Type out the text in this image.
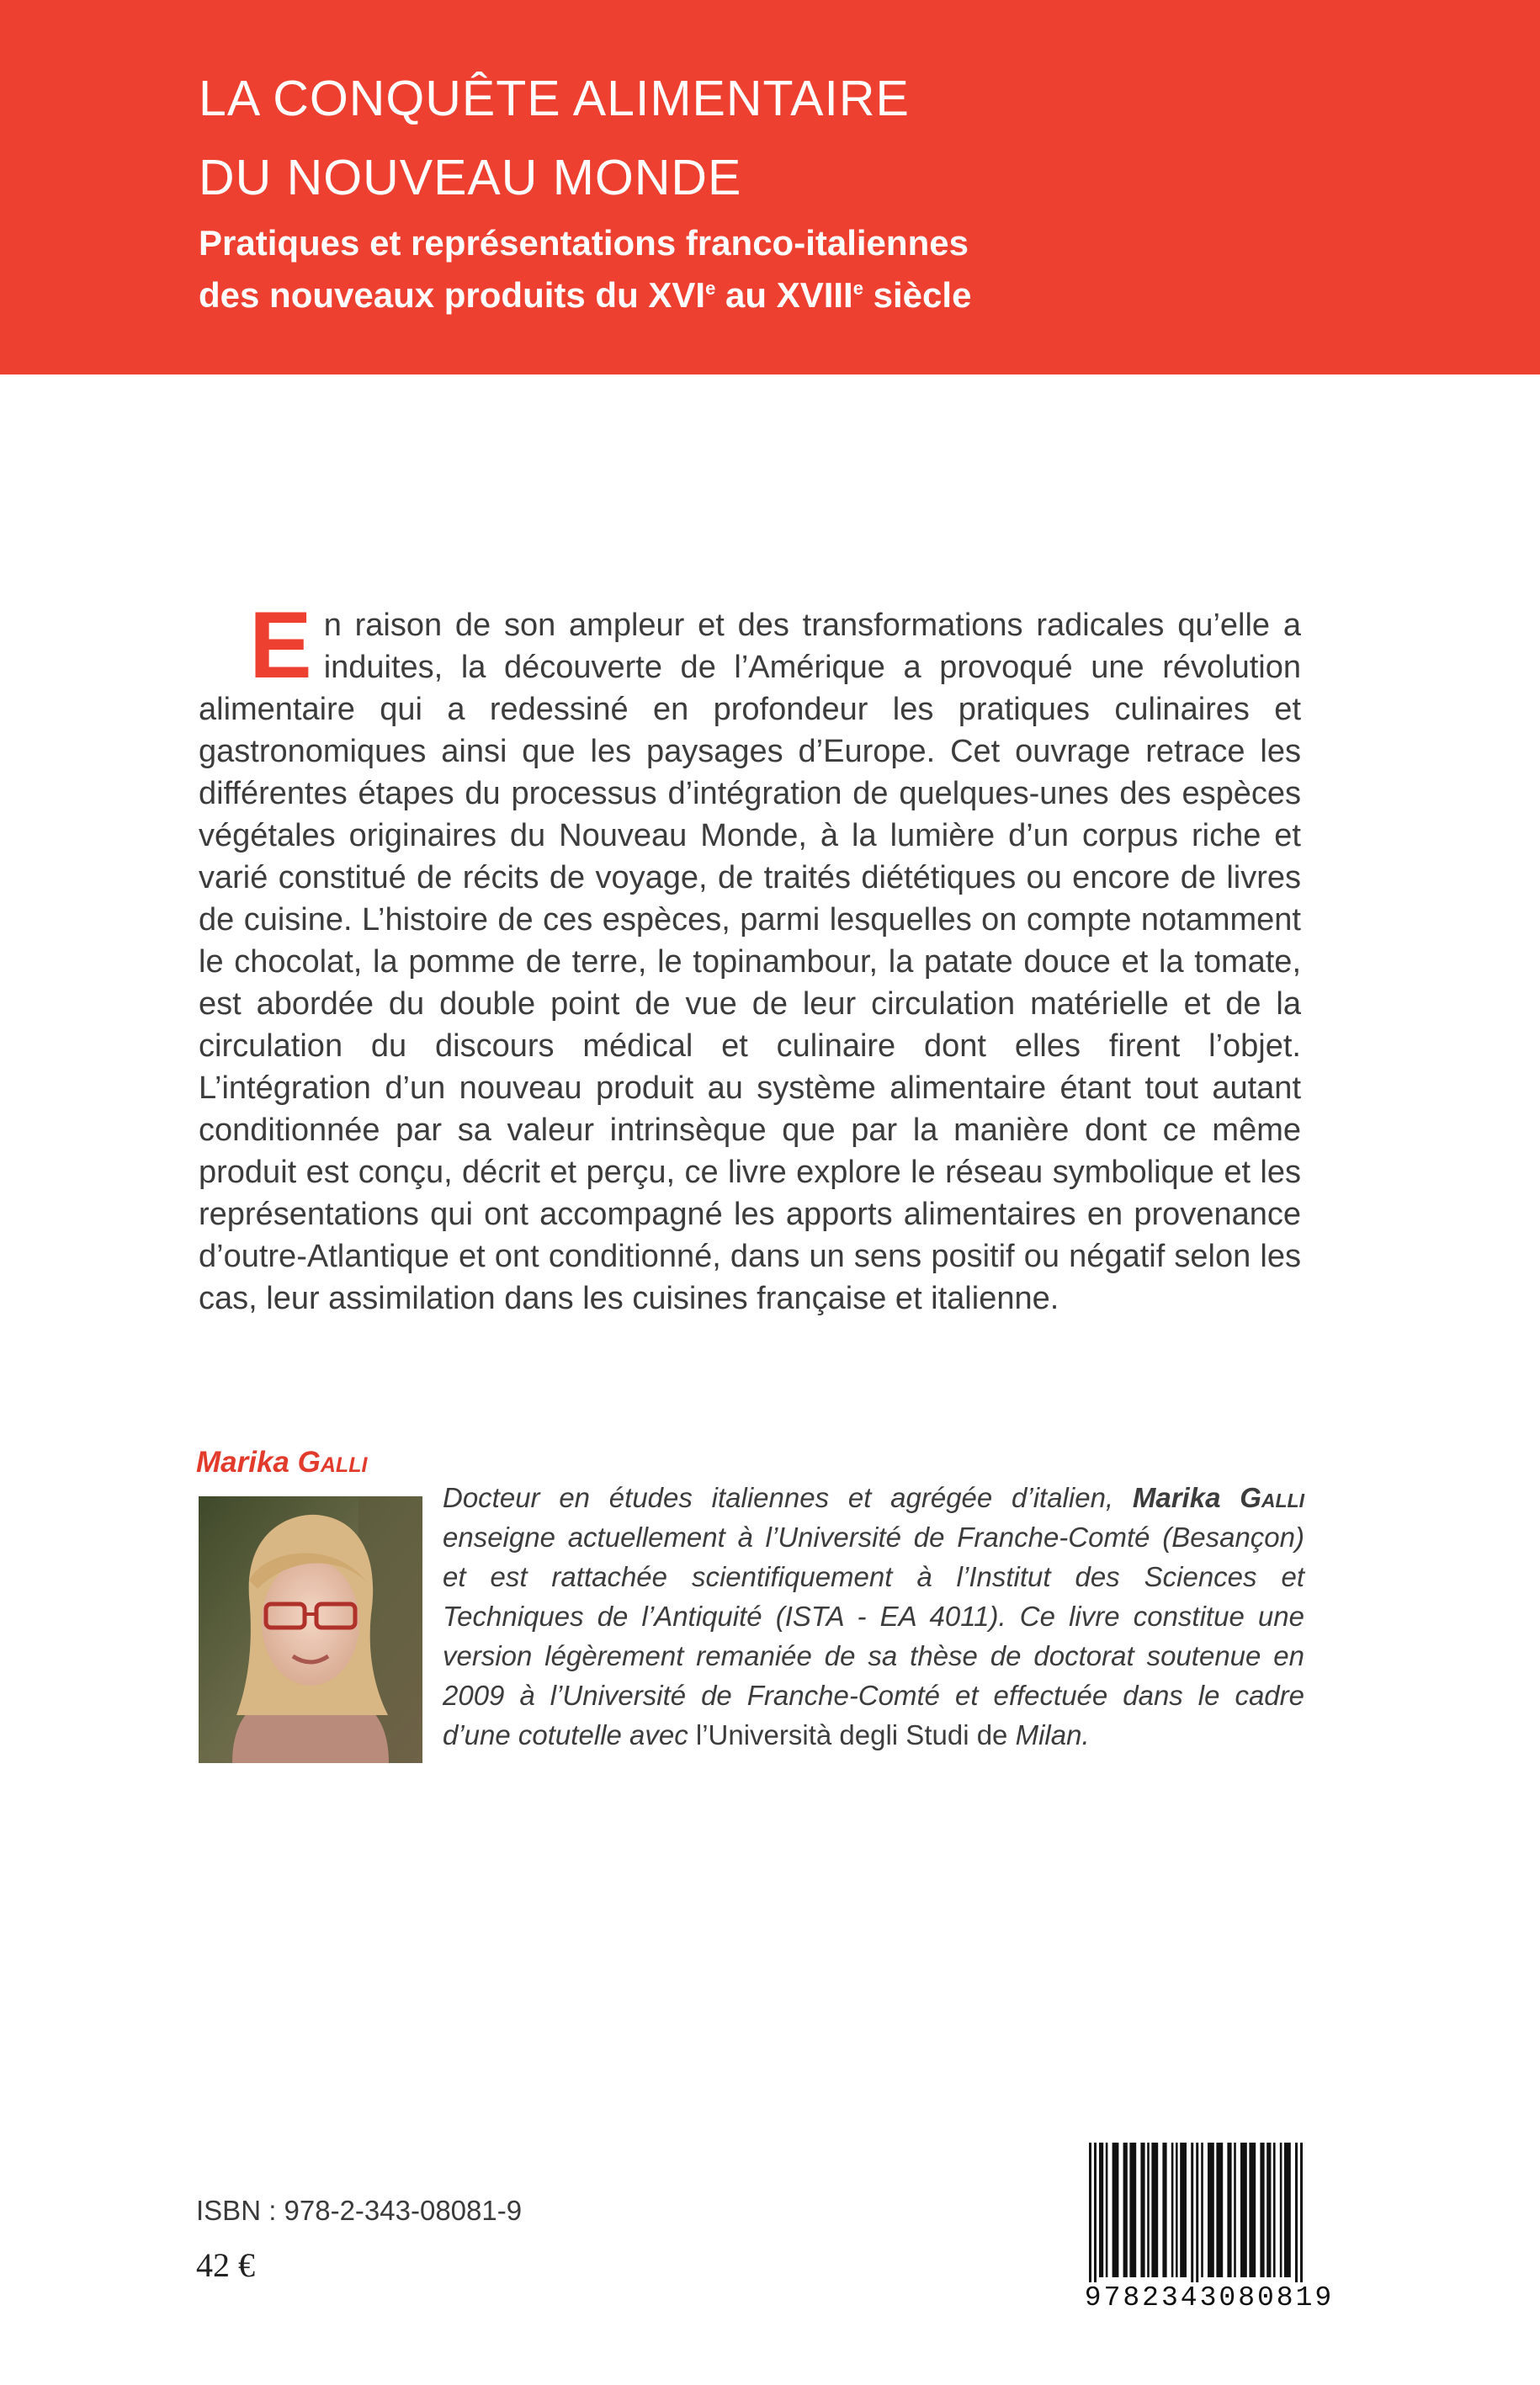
LA CONQUÊTE ALIMENTAIRE
DU NOUVEAU MONDE
Pratiques et représentations franco-italiennes
des nouveaux produits du XVIe au XVIIIe siècle

En raison de son ampleur et des transformations radicales qu’elle a induites, la découverte de l’Amérique a provoqué une révolution alimentaire qui a redessiné en profondeur les pratiques culinaires et gastronomiques ainsi que les paysages d’Europe. Cet ouvrage retrace les différentes étapes du processus d’intégration de quelques-unes des espèces végétales originaires du Nouveau Monde, à la lumière d’un corpus riche et varié constitué de récits de voyage, de traités diététiques ou encore de livres de cuisine. L’histoire de ces espèces, parmi lesquelles on compte notamment le chocolat, la pomme de terre, le topinambour, la patate douce et la tomate, est abordée du double point de vue de leur circulation matérielle et de la circulation du discours médical et culinaire dont elles firent l’objet. L’intégration d’un nouveau produit au système alimentaire étant tout autant conditionnée par sa valeur intrinsèque que par la manière dont ce même produit est conçu, décrit et perçu, ce livre explore le réseau symbolique et les représentations qui ont accompagné les apports alimentaires en provenance d’outre-Atlantique et ont conditionné, dans un sens positif ou négatif selon les cas, leur assimilation dans les cuisines française et italienne.

Marika Galli

Docteur en études italiennes et agrégée d’italien, Marika Galli enseigne actuellement à l’Université de Franche-Comté (Besançon) et est rattachée scientifiquement à l’Institut des Sciences et Techniques de l’Antiquité (ISTA - EA 4011). Ce livre constitue une version légèrement remaniée de sa thèse de doctorat soutenue en 2009 à l’Université de Franche-Comté et effectuée dans le cadre d’une cotutelle avec l’Università degli Studi de Milan.

ISBN : 978-2-343-08081-9

42 €

9782343080819
